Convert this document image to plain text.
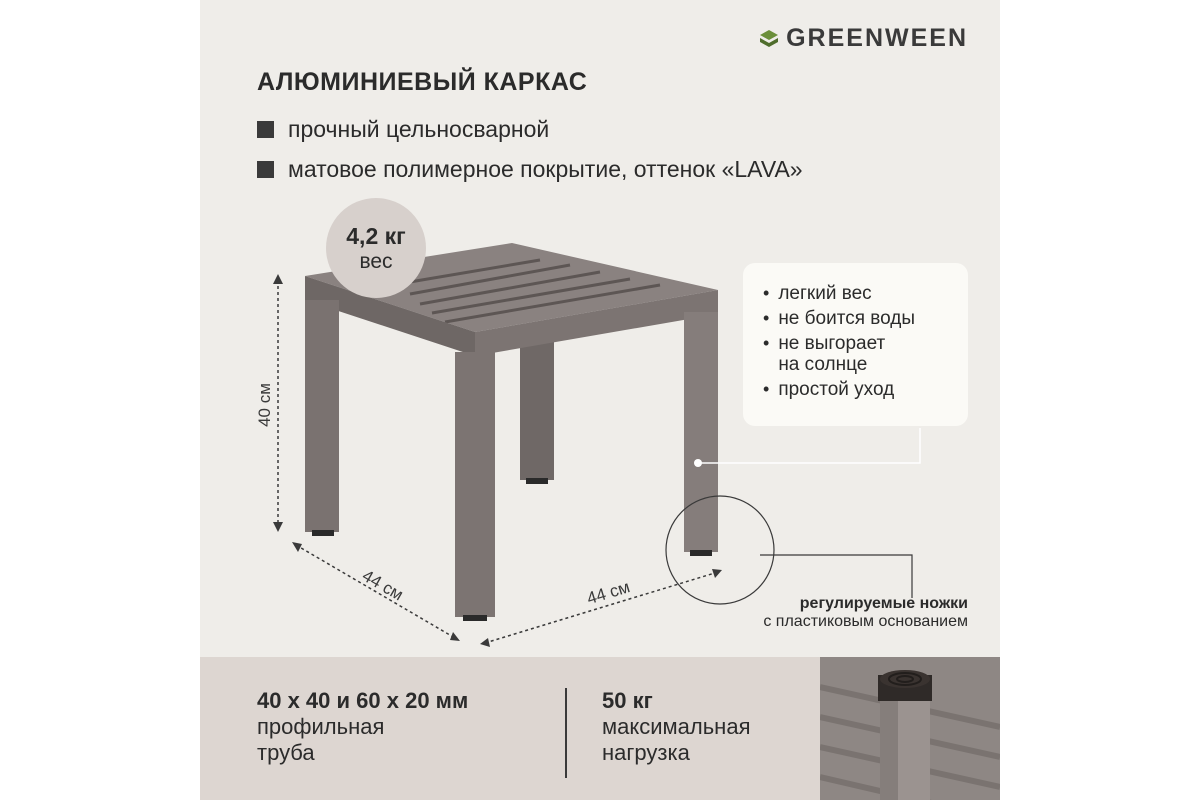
GREENWEEN
АЛЮМИНИЕВЫЙ КАРКАС
прочный цельносварной
матовое полимерное покрытие, оттенок «LAVA»
40 см
44 см	44 см
4,2 кг
вес
• легкий вес
• не боится воды
• не выгорает
на солнце
• простой уход
регулируемые ножки
с пластиковым основанием
40 х 40 и 60 х 20 мм
профильная
труба
50 кг
максимальная
нагрузка
